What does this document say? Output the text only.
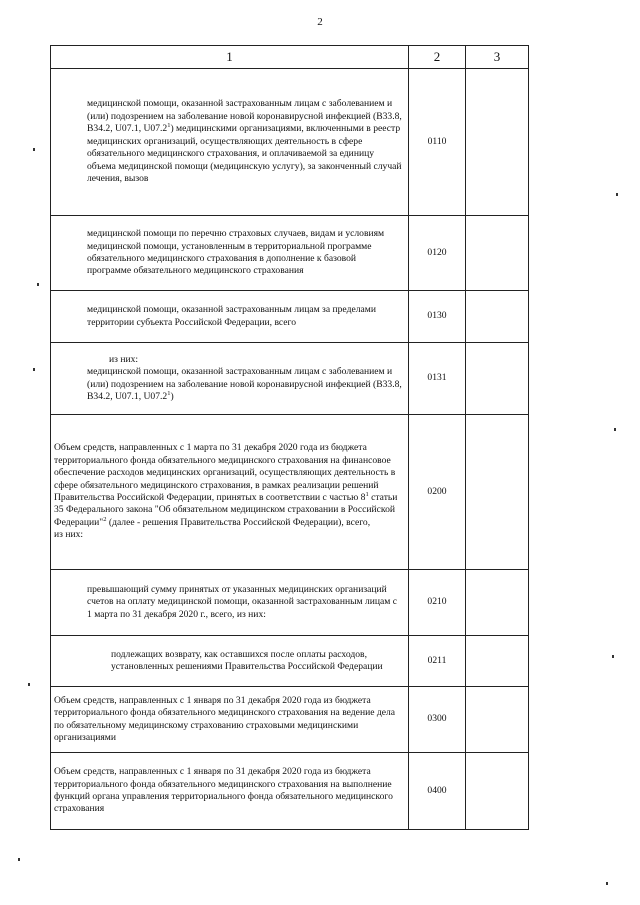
2
1	2	3
медицинской помощи, оказанной застрахованным лицам с заболеванием и (или) подозрением на заболевание новой коронавирусной инфекцией (B33.8, B34.2, U07.1, U07.2$^1$) медицинскими организациями, включенными в реестр медицинских организаций, осуществляющих деятельность в сфере обязательного медицинского страхования, и оплачиваемой за единицу объема медицинской помощи (медицинскую услугу), за законченный случай лечения, вызов	0110	
медицинской помощи по перечню страховых случаев, видам и условиям медицинской помощи, установленным в территориальной программе обязательного медицинского страхования в дополнение к базовой программе обязательного медицинского страхования	0120	
медицинской помощи, оказанной застрахованным лицам за пределами территории субъекта Российской Федерации, всего	0130	

из них:
медицинской помощи, оказанной застрахованным лицам с заболеванием и (или) подозрением на заболевание новой коронавирусной инфекцией (B33.8, B34.2, U07.1, U07.2$^1$)	0131	

Объем средств, направленных с 1 марта по 31 декабря 2020 года из бюджета территориального фонда обязательного медицинского страхования на финансовое обеспечение расходов медицинских организаций, осуществляющих деятельность в сфере обязательного медицинского страхования, в рамках реализации решений Правительства Российской Федерации, принятых в соответствии с частью $8^1$ статьи 35 Федерального закона "Об обязательном медицинском страховании в Российской Федерации"$^2$ (далее - решения Правительства Российской Федерации), всего,
из них:	0200	
превышающий сумму принятых от указанных медицинских организаций счетов на оплату медицинской помощи, оказанной застрахованным лицам с 1 марта по 31 декабря 2020 г., всего, из них:	0210	
подлежащих возврату, как оставшихся после оплаты расходов, установленных решениями Правительства Российской Федерации	0211	
Объем средств, направленных с 1 января по 31 декабря 2020 года из бюджета территориального фонда обязательного медицинского страхования на ведение дела по обязательному медицинскому страхованию страховыми медицинскими организациями	0300	
Объем средств, направленных с 1 января по 31 декабря 2020 года из бюджета территориального фонда обязательного медицинского страхования на выполнение функций органа управления территориального фонда обязательного медицинского страхования	0400	
